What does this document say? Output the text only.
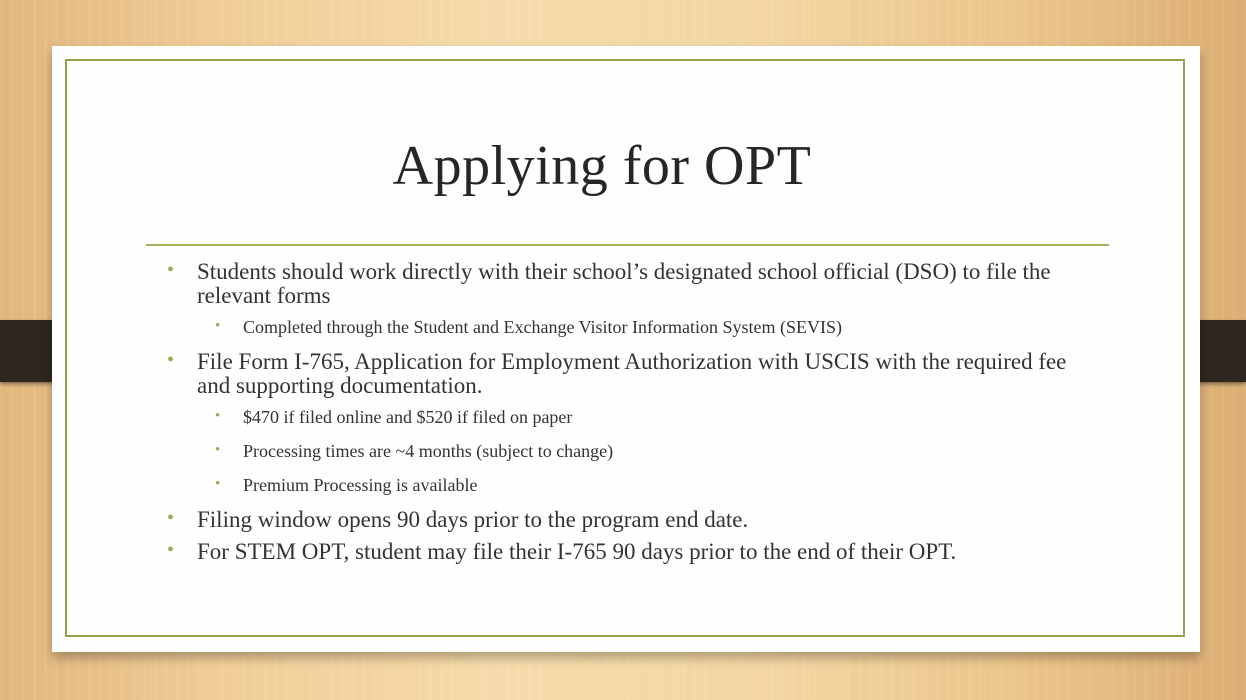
Applying for OPT
• Students should work directly with their school’s designated school official (DSO) to file the relevant forms
• Completed through the Student and Exchange Visitor Information System (SEVIS)
• File Form I-765, Application for Employment Authorization with USCIS with the required fee and supporting documentation.
• $470 if filed online and $520 if filed on paper
• Processing times are ~4 months (subject to change)
• Premium Processing is available
• Filing window opens 90 days prior to the program end date.
• For STEM OPT, student may file their I-765 90 days prior to the end of their OPT.
